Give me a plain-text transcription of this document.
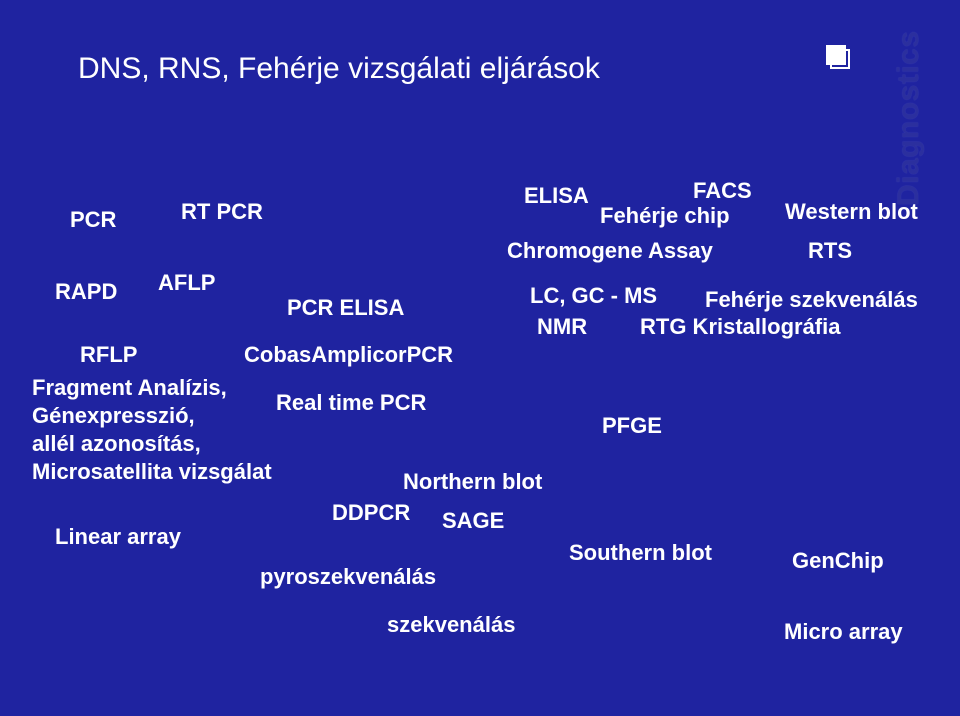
DNS, RNS, Fehérje vizsgálati eljárások	Diagnostics
PCR	RT PCR
RAPD AFLP
PCR ELISA
RFLP	CobasAmplicorPCR
Real time PCR
Fragment Analízis,
Génexpresszió,
allél azonosítás,
Microsatellita vizsgálat	Northern blot
DDPCR SAGE
Linear array
pyroszekvenálás
szekvenálás
ELISA	FACS
Fehérje chip	Western blot
Chromogene Assay	RTS
LC, GC - MS Fehérje szekvenálás
NMR RTG Kristallográfia
PFGE
Southern blot	GenChip
Micro array
